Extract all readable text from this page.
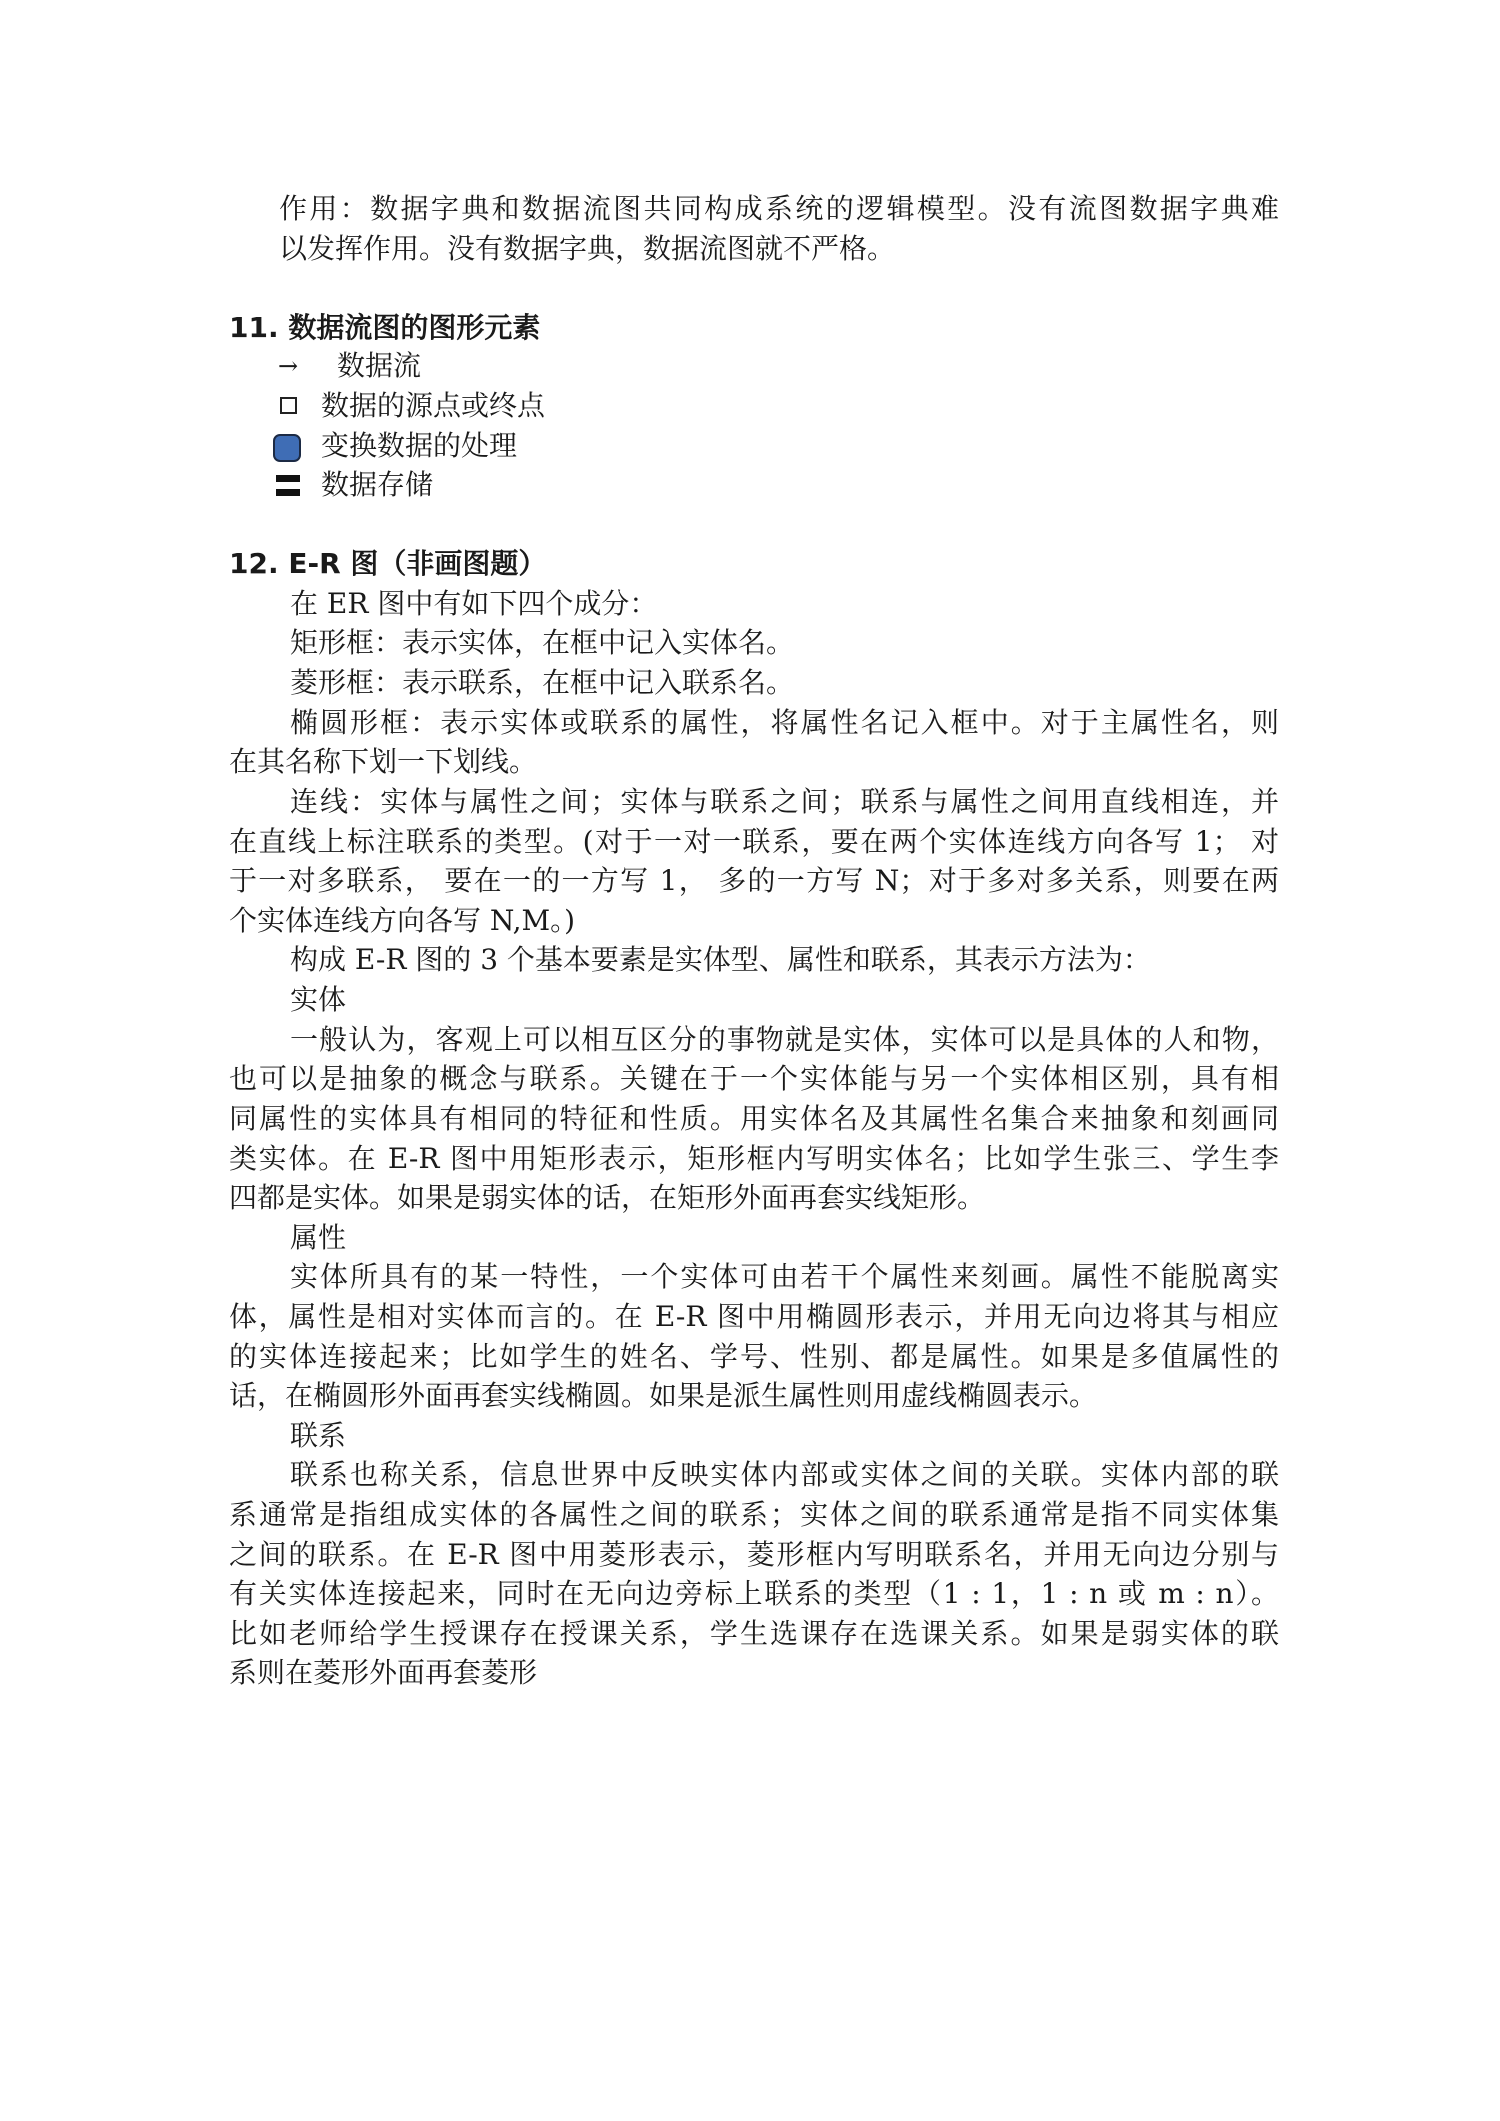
作用：数据字典和数据流图共同构成系统的逻辑模型。没有流图数据字典难
以发挥作用。没有数据字典，数据流图就不严格。
11. 数据流图的图形元素
→ 数据流
数据的源点或终点
变换数据的处理
数据存储
12. E-R 图（非画图题）
在 ER 图中有如下四个成分：
矩形框：表示实体，在框中记入实体名。
菱形框：表示联系，在框中记入联系名。
椭圆形框：表示实体或联系的属性，将属性名记入框中。对于主属性名，则
在其名称下划一下划线。
连线：实体与属性之间；实体与联系之间；联系与属性之间用直线相连，并
在直线上标注联系的类型。(对于一对一联系，要在两个实体连线方向各写 1； 对
于一对多联系， 要在一的一方写 1， 多的一方写 N；对于多对多关系，则要在两
个实体连线方向各写 N,M。)
构成 E-R 图的 3 个基本要素是实体型、属性和联系，其表示方法为：
实体
一般认为，客观上可以相互区分的事物就是实体，实体可以是具体的人和物，
也可以是抽象的概念与联系。关键在于一个实体能与另一个实体相区别，具有相
同属性的实体具有相同的特征和性质。用实体名及其属性名集合来抽象和刻画同
类实体。在 E-R 图中用矩形表示，矩形框内写明实体名；比如学生张三、学生李
四都是实体。如果是弱实体的话，在矩形外面再套实线矩形。
属性
实体所具有的某一特性，一个实体可由若干个属性来刻画。属性不能脱离实
体，属性是相对实体而言的。在 E-R 图中用椭圆形表示，并用无向边将其与相应
的实体连接起来；比如学生的姓名、学号、性别、都是属性。如果是多值属性的
话，在椭圆形外面再套实线椭圆。如果是派生属性则用虚线椭圆表示。
联系
联系也称关系，信息世界中反映实体内部或实体之间的关联。实体内部的联
系通常是指组成实体的各属性之间的联系；实体之间的联系通常是指不同实体集
之间的联系。在 E-R 图中用菱形表示，菱形框内写明联系名，并用无向边分别与
有关实体连接起来，同时在无向边旁标上联系的类型（1 : 1，1 : n 或 m : n）。
比如老师给学生授课存在授课关系，学生选课存在选课关系。如果是弱实体的联
系则在菱形外面再套菱形
